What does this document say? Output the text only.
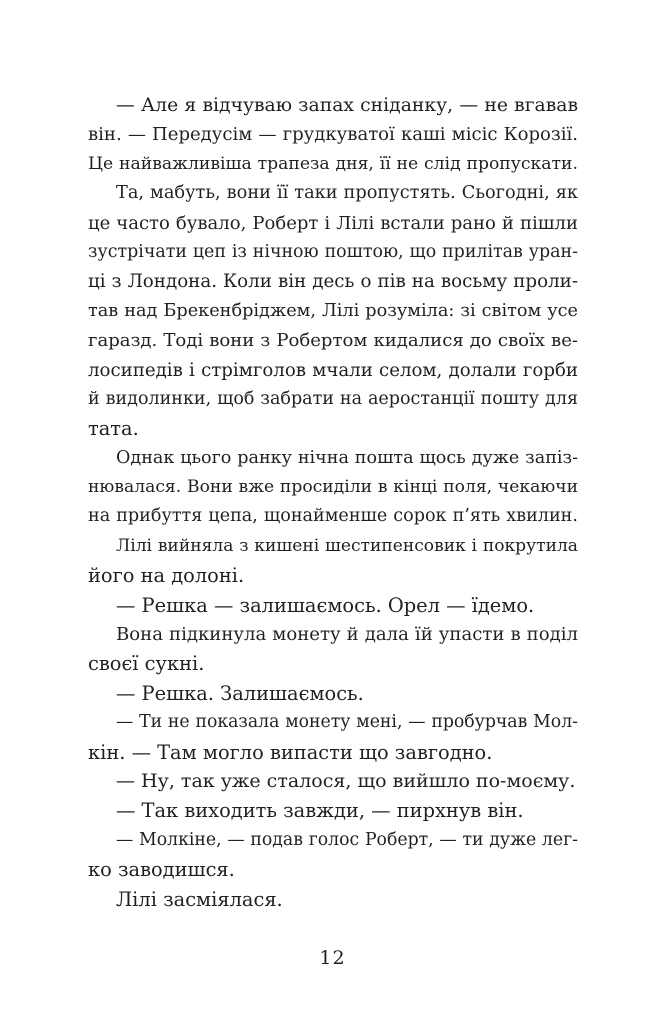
— Але я відчуваю запах сніданку, — не вгавав
він. — Передусім — грудкуватої каші місіс Корозії.
Це найважливіша трапеза дня, її не слід пропускати.
Та, мабуть, вони її таки пропустять. Сьогодні, як
це часто бувало, Роберт і Лілі встали рано й пішли
зустрічати цеп із нічною поштою, що прилітав уран-
ці з Лондона. Коли він десь о пів на восьму проли-
тав над Брекенбріджем, Лілі розуміла: зі світом усе
гаразд. Тоді вони з Робертом кидалися до своїх ве-
лосипедів і стрімголов мчали селом, долали горби
й видолинки, щоб забрати на аеростанції пошту для
тата.
Однак цього ранку нічна пошта щось дуже запіз-
нювалася. Вони вже просиділи в кінці поля, чекаючи
на прибуття цепа, щонайменше сорок п’ять хвилин.
Лілі вийняла з кишені шестипенсовик і покрутила
його на долоні.
— Решка — залишаємось. Орел — їдемо.
Вона підкинула монету й дала їй упасти в поділ
своєї сукні.
— Решка. Залишаємось.
— Ти не показала монету мені, — пробурчав Мол-
кін. — Там могло випасти що завгодно.
— Ну, так уже сталося, що вийшло по-моєму.
— Так виходить завжди, — пирхнув він.
— Молкіне, — подав голос Роберт, — ти дуже лег-
ко заводишся.
Лілі засміялася.
12
